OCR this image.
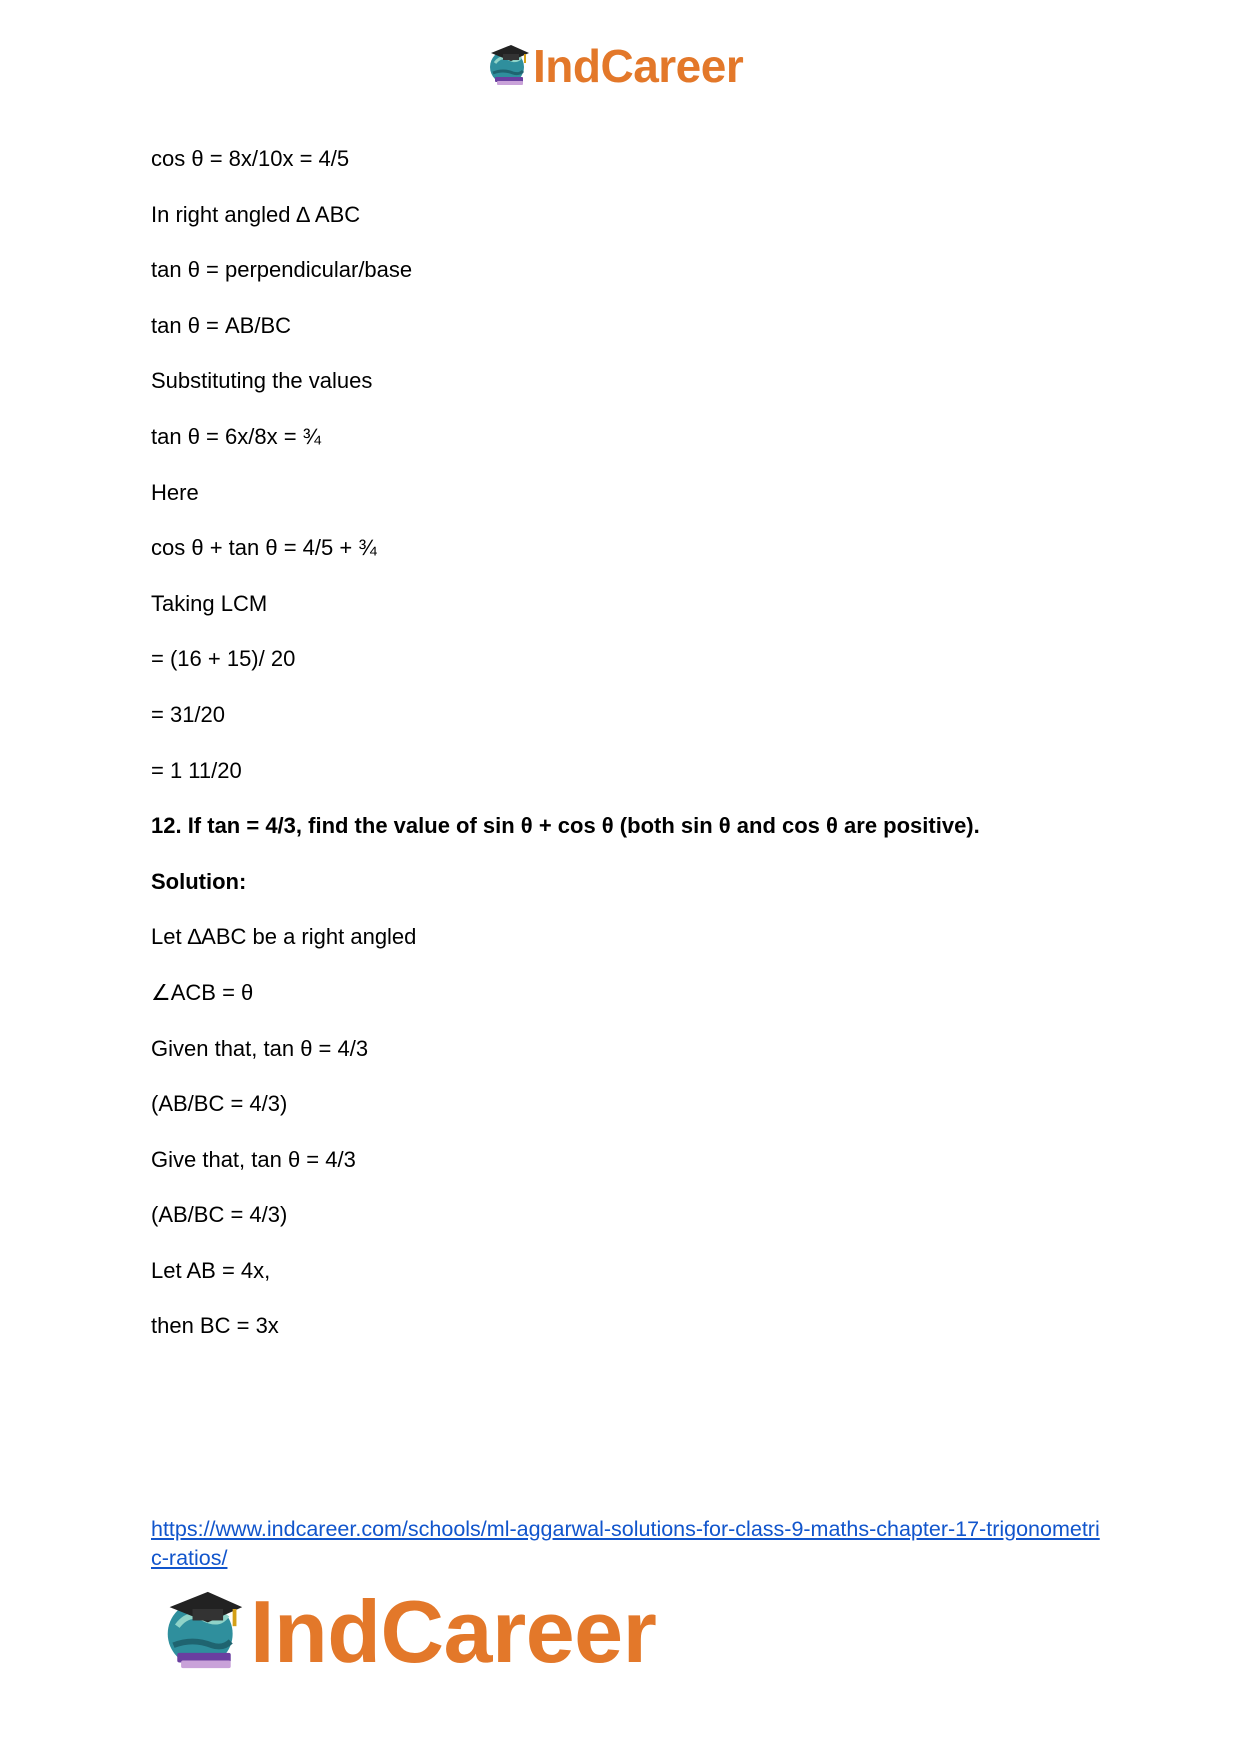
IndCareer
cos θ = 8x/10x = 4/5
In right angled ∆ ABC
tan θ = perpendicular/base
tan θ = AB/BC
Substituting the values
tan θ = 6x/8x = ¾
Here
cos θ + tan θ = 4/5 + ¾
Taking LCM
= (16 + 15)/ 20
= 31/20
= 1 11/20
12. If tan = 4/3, find the value of sin θ + cos θ (both sin θ and cos θ are positive).
Solution:
Let ∆ABC be a right angled
∠ACB = θ
Given that, tan θ = 4/3
(AB/BC = 4/3)
Give that, tan θ = 4/3
(AB/BC = 4/3)
Let AB = 4x,
then BC = 3x
https://www.indcareer.com/schools/ml-aggarwal-solutions-for-class-9-maths-chapter-17-trigonometric-ratios/
IndCareer
